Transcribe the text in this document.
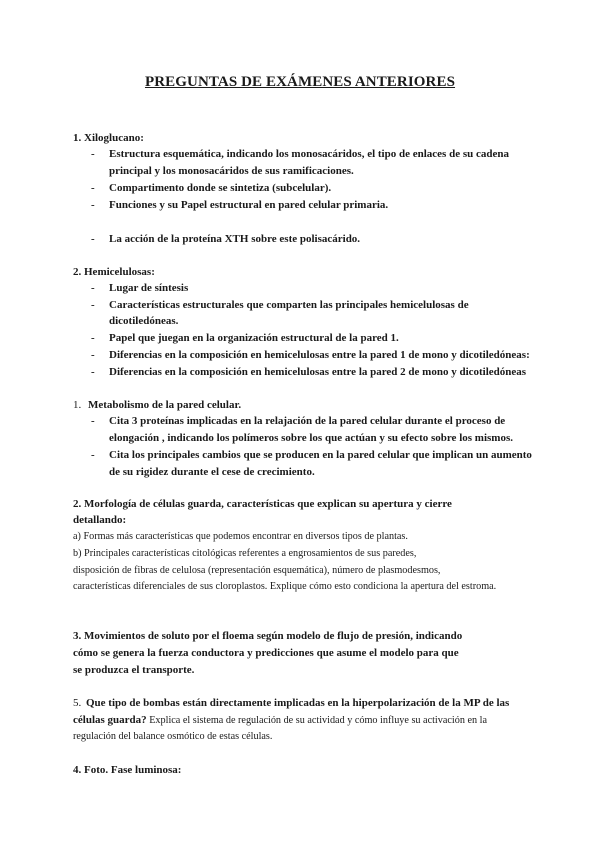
PREGUNTAS DE EXÁMENES ANTERIORES
1. Xiloglucano:
- Estructura esquemática, indicando los monosacáridos, el tipo de enlaces de su cadena
principal y los monosacáridos de sus ramificaciones.
- Compartimento donde se sintetiza (subcelular).
- Funciones y su Papel estructural en pared celular primaria.
- La acción de la proteína XTH sobre este polisacárido.
2. Hemicelulosas:
- Lugar de síntesis
- Características estructurales que comparten las principales hemicelulosas de
dicotiledóneas.
- Papel que juegan en la organización estructural de la pared 1.
- Diferencias en la composición en hemicelulosas entre la pared 1 de mono y dicotiledóneas:
- Diferencias en la composición en hemicelulosas entre la pared 2 de mono y dicotiledóneas
1. Metabolismo de la pared celular.
- Cita 3 proteínas implicadas en la relajación de la pared celular durante el proceso de
elongación , indicando los polímeros sobre los que actúan y su efecto sobre los mismos.
- Cita los principales cambios que se producen en la pared celular que implican un aumento
de su rigidez durante el cese de crecimiento.
2. Morfología de células guarda, características que explican su apertura y cierre
detallando:
a) Formas más características que podemos encontrar en diversos tipos de plantas.
b) Principales características citológicas referentes a engrosamientos de sus paredes,
disposición de fibras de celulosa (representación esquemática), número de plasmodesmos,
características diferenciales de sus cloroplastos. Explique cómo esto condiciona la apertura del estroma.
3. Movimientos de soluto por el floema según modelo de flujo de presión, indicando
cómo se genera la fuerza conductora y predicciones que asume el modelo para que
se produzca el transporte.
5. Que tipo de bombas están directamente implicadas en la hiperpolarización de la MP de las
células guarda? Explica el sistema de regulación de su actividad y cómo influye su activación en la
regulación del balance osmótico de estas células.
4. Foto. Fase luminosa:
